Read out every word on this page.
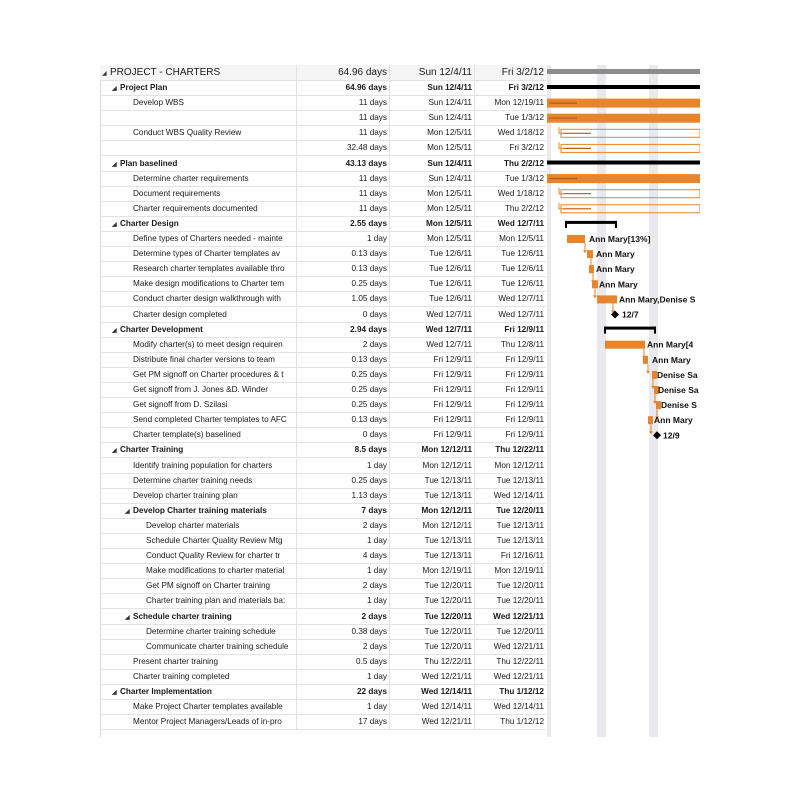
◢ PROJECT - CHARTERS	64.96 days	Sun 12/4/11	Fri 3/2/12
◢ Project Plan	64.96 days	Sun 12/4/11	Fri 3/2/12
Develop WBS	11 days	Sun 12/4/11	Mon 12/19/11
11 days	Sun 12/4/11	Tue 1/3/12
Conduct WBS Quality Review	11 days	Mon 12/5/11	Wed 1/18/12
32.48 days	Mon 12/5/11	Fri 3/2/12
◢ Plan baselined	43.13 days	Sun 12/4/11	Thu 2/2/12
Determine charter requirements	11 days	Sun 12/4/11	Tue 1/3/12
Document requirements	11 days	Mon 12/5/11	Wed 1/18/12
Charter requirements documented	11 days	Mon 12/5/11	Thu 2/2/12
◢ Charter Design	2.55 days	Mon 12/5/11	Wed 12/7/11
Define types of Charters needed - mainte	1 day	Mon 12/5/11	Mon 12/5/11
Determine types of Charter templates av	0.13 days	Tue 12/6/11	Tue 12/6/11
Research charter templates available thro	0.13 days	Tue 12/6/11	Tue 12/6/11
Make design modifications to Charter tem	0.25 days	Tue 12/6/11	Tue 12/6/11
Conduct charter design walkthrough with	1.05 days	Tue 12/6/11	Wed 12/7/11
Charter design completed	0 days	Wed 12/7/11	Wed 12/7/11
◢ Charter Development	2.94 days	Wed 12/7/11	Fri 12/9/11
Modify charter(s) to meet design requiren	2 days	Wed 12/7/11	Thu 12/8/11
Distribute final charter versions to team	0.13 days	Fri 12/9/11	Fri 12/9/11
Get PM signoff on Charter procedures & t	0.25 days	Fri 12/9/11	Fri 12/9/11
Get signoff from J. Jones &D. Winder	0.25 days	Fri 12/9/11	Fri 12/9/11
Get signoff from D. Szilasi	0.25 days	Fri 12/9/11	Fri 12/9/11
Send completed Charter templates to AFC	0.13 days	Fri 12/9/11	Fri 12/9/11
Charter template(s) baselined	0 days	Fri 12/9/11	Fri 12/9/11
◢ Charter Training	8.5 days	Mon 12/12/11	Thu 12/22/11
Identify training population for charters	1 day	Mon 12/12/11	Mon 12/12/11
Determine charter training needs	0.25 days	Tue 12/13/11	Tue 12/13/11
Develop charter training plan	1.13 days	Tue 12/13/11	Wed 12/14/11
◢ Develop Charter training materials	7 days	Mon 12/12/11	Tue 12/20/11
Develop charter materials	2 days	Mon 12/12/11	Tue 12/13/11
Schedule Charter Quality Review Mtg	1 day	Tue 12/13/11	Tue 12/13/11
Conduct Quality Review for charter tr	4 days	Tue 12/13/11	Fri 12/16/11
Make modifications to charter material	1 day	Mon 12/19/11	Mon 12/19/11
Get PM signoff on Charter training	2 days	Tue 12/20/11	Tue 12/20/11
Charter training plan and materials ba:	1 day	Tue 12/20/11	Tue 12/20/11
◢ Schedule charter training	2 days	Tue 12/20/11	Wed 12/21/11
Determine charter training schedule	0.38 days	Tue 12/20/11	Tue 12/20/11
Communicate charter training schedule	2 days	Tue 12/20/11	Wed 12/21/11
Present charter training	0.5 days	Thu 12/22/11	Thu 12/22/11
Charter training completed	1 day	Wed 12/21/11	Wed 12/21/11
◢ Charter Implementation	22 days	Wed 12/14/11	Thu 1/12/12
Make Project Charter templates available	1 day	Wed 12/14/11	Wed 12/14/11
Mentor Project Managers/Leads of in-pro	17 days	Wed 12/21/11	Thu 1/12/12
Ann Mary[13%]
Ann Mary
Ann Mary
Ann Mary
Ann Mary,Denise S
12/7
Ann Mary[4
Ann Mary
Denise Sa
Denise Sa
Denise S
Ann Mary
12/9
